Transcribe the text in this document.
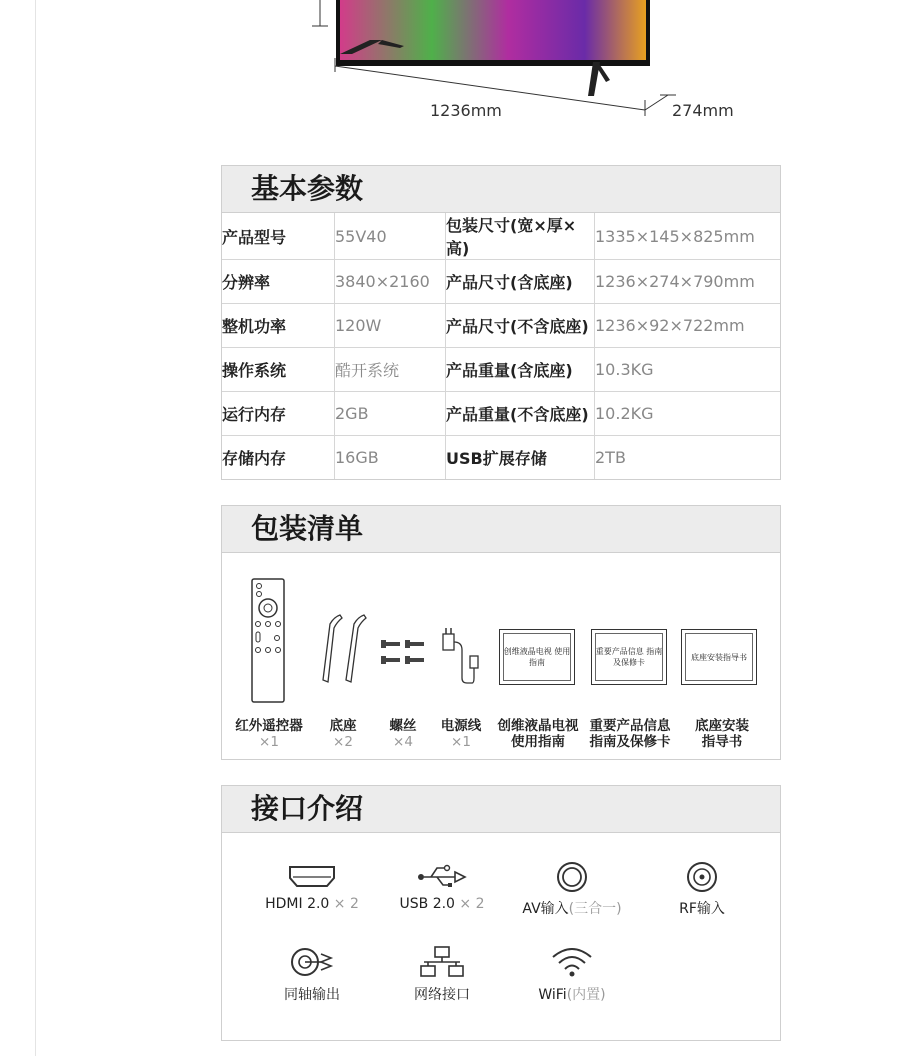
1236mm	274mm
基本参数
产品型号	55V40	包装尺寸(宽×厚×高)	1335×145×825mm
分辨率	3840×2160	产品尺寸(含底座)	1236×274×790mm
整机功率	120W	产品尺寸(不含底座)	1236×92×722mm
操作系统	酷开系统	产品重量(含底座)	10.3KG
运行内存	2GB	产品重量(不含底座)	10.2KG
存储内存	16GB	USB扩展存储	2TB
包装清单
创维液晶电视 使用指南
重要产品信息 指南及保修卡
底座安装指导书
红外遥控器
×1
底座
×2
螺丝
×4
电源线
×1
创维液晶电视
使用指南
重要产品信息
指南及保修卡
底座安装
指导书
接口介绍
HDMI 2.0 × 2	USB 2.0 × 2	AV输入(三合一)	RF输入
同轴输出	网络接口	WiFi(内置)
